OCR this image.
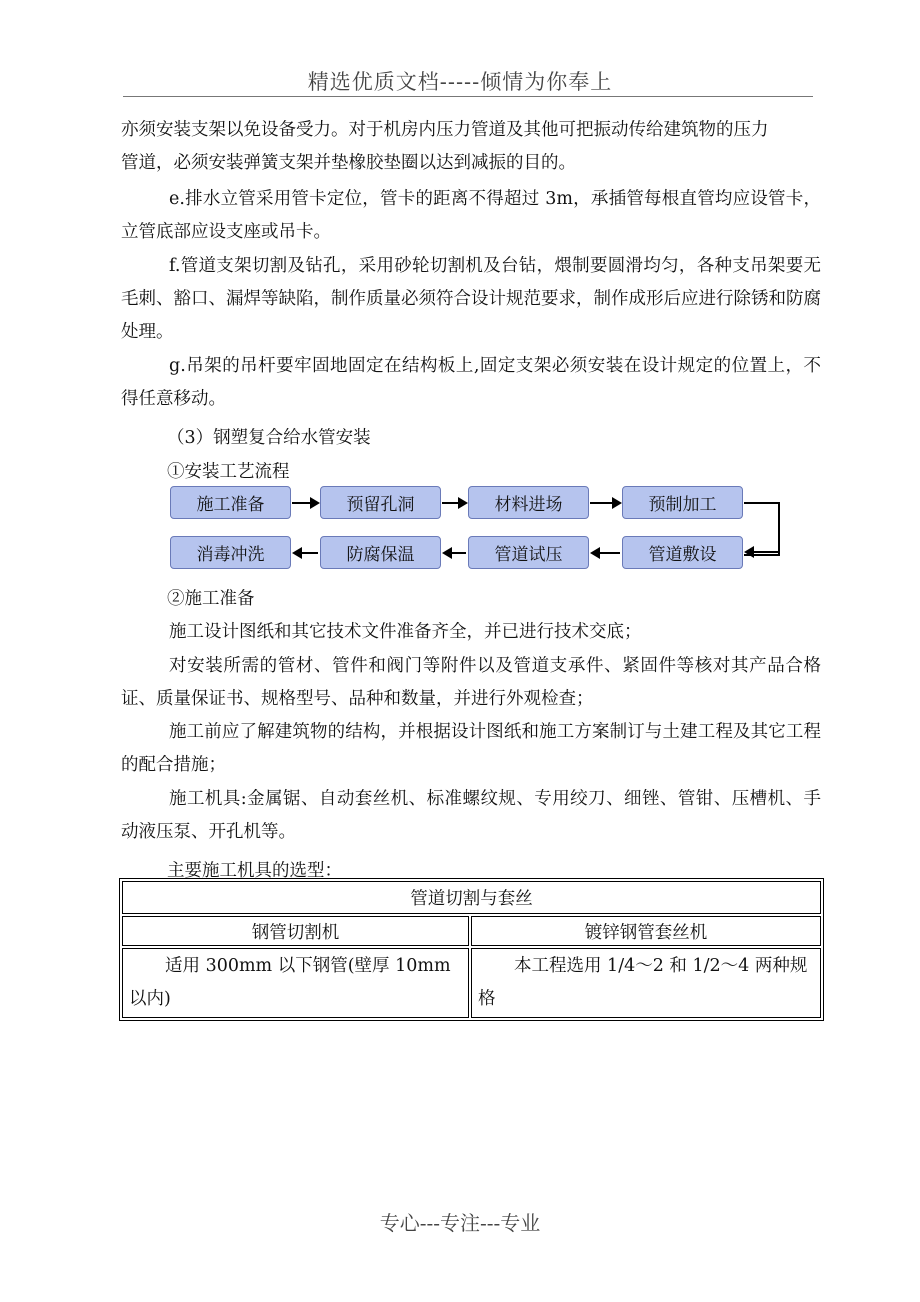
精选优质文档-----倾情为你奉上
亦须安装支架以免设备受力。对于机房内压力管道及其他可把振动传给建筑物的压力
管道，必须安装弹簧支架并垫橡胶垫圈以达到减振的目的。

e.排水立管采用管卡定位，管卡的距离不得超过 3m，承插管每根直管均应设管卡，立管底部应设支座或吊卡。

f.管道支架切割及钻孔，采用砂轮切割机及台钻，煨制要圆滑均匀，各种支吊架要无毛刺、豁口、漏焊等缺陷，制作质量必须符合设计规范要求，制作成形后应进行除锈和防腐处理。

g.吊架的吊杆要牢固地固定在结构板上,固定支架必须安装在设计规定的位置上，不得任意移动。

（3）钢塑复合给水管安装
①安装工艺流程
施工准备	预留孔洞	材料进场	预制加工
消毒冲洗	防腐保温	管道试压	管道敷设
②施工准备

施工设计图纸和其它技术文件准备齐全，并已进行技术交底；

对安装所需的管材、管件和阀门等附件以及管道支承件、紧固件等核对其产品合格证、质量保证书、规格型号、品种和数量，并进行外观检查；

施工前应了解建筑物的结构，并根据设计图纸和施工方案制订与土建工程及其它工程的配合措施；

施工机具:金属锯、自动套丝机、标准螺纹规、专用绞刀、细锉、管钳、压槽机、手动液压泵、开孔机等。

主要施工机具的选型：
管道切割与套丝	
钢管切割机	镀锌钢管套丝机
适用 300mm 以下钢管(壁厚 10mm 以内)	本工程选用 1/4～2 和 1/2～4 两种规格
专心---专注---专业
